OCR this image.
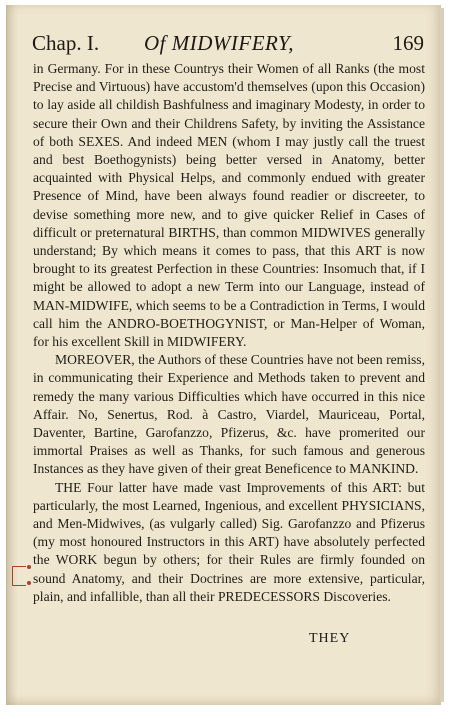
Chap. I. Of MIDWIFERY,	169

in Germany. For in these Countrys their Women of all Ranks (the most Precise and Virtuous) have accustom'd themselves (upon this Occasion) to lay aside all childish Bashfulness and imaginary Modesty, in order to secure their Own and their Childrens Safety, by inviting the Assistance of both SEXES. And indeed MEN (whom I may justly call the truest and best Boethogynists) being better versed in Anatomy, better acquainted with Physical Helps, and commonly endued with greater Presence of Mind, have been always found readier or discreeter, to devise something more new, and to give quicker Relief in Cases of difficult or preternatural BIRTHS, than common MIDWIVES generally understand; By which means it comes to pass, that this ART is now brought to its greatest Perfection in these Countries: Insomuch that, if I might be allowed to adopt a new Term into our Language, instead of MAN-MIDWIFE, which seems to be a Contradiction in Terms, I would call him the ANDRO-BOETHOGYNIST, or Man-Helper of Woman, for his excellent Skill in MIDWIFERY.

MOREOVER, the Authors of these Countries have not been remiss, in communicating their Experience and Methods taken to prevent and remedy the many various Difficulties which have occurred in this nice Affair. No, Senertus, Rod. à Castro, Viardel, Mauriceau, Portal, Daventer, Bartine, Garofanzzo, Pfizerus, &c. have promerited our immortal Praises as well as Thanks, for such famous and generous Instances as they have given of their great Beneficence to MANKIND.

THE Four latter have made vast Improvements of this ART: but particularly, the most Learned, Ingenious, and excellent PHYSICIANS, and Men-Midwives, (as vulgarly called) Sig. Garofanzzo and Pfizerus (my most honoured Instructors in this ART) have absolutely perfected the WORK begun by others; for their Rules are firmly founded on sound Anatomy, and their Doctrines are more extensive, particular, plain, and infallible, than all their PREDECESSORS Discoveries.

THEY
